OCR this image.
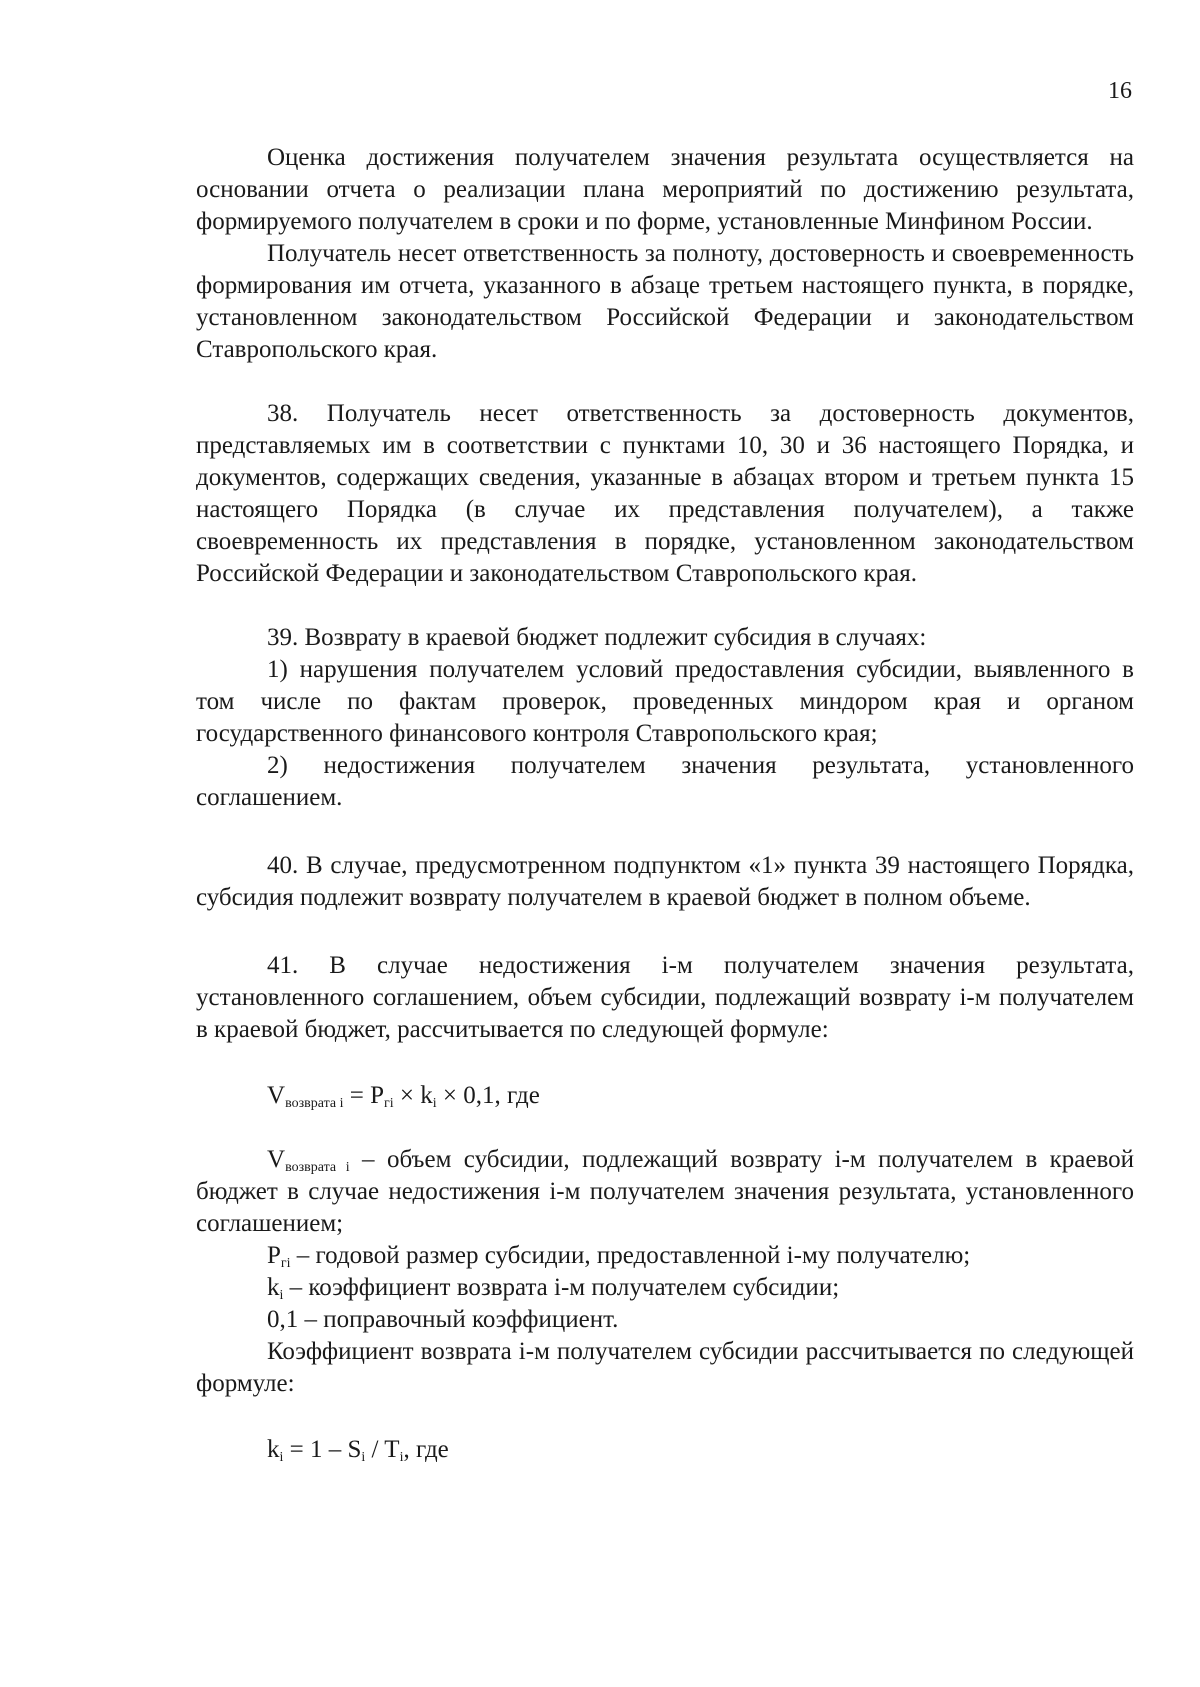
16

Оценка достижения получателем значения результата осуществляется на основании отчета о реализации плана мероприятий по достижению результата, формируемого получателем в сроки и по форме, установленные Минфином России.

Получатель несет ответственность за полноту, достоверность и своевременность формирования им отчета, указанного в абзаце третьем настоящего пункта, в порядке, установленном законодательством Российской Федерации и законодательством Ставропольского края.

38. Получатель несет ответственность за достоверность документов, представляемых им в соответствии с пунктами 10, 30 и 36 настоящего Порядка, и документов, содержащих сведения, указанные в абзацах втором и третьем пункта 15 настоящего Порядка (в случае их представления получателем), а также своевременность их представления в порядке, установленном законодательством Российской Федерации и законодательством Ставропольского края.

39. Возврату в краевой бюджет подлежит субсидия в случаях:

1) нарушения получателем условий предоставления субсидии, выявленного в том числе по фактам проверок, проведенных миндором края и органом государственного финансового контроля Ставропольского края;

2) недостижения получателем значения результата, установленного соглашением.

40. В случае, предусмотренном подпунктом «1» пункта 39 настоящего Порядка, субсидия подлежит возврату получателем в краевой бюджет в полном объеме.

41. В случае недостижения i-м получателем значения результата, установленного соглашением, объем субсидии, подлежащий возврату i-м получателем в краевой бюджет, рассчитывается по следующей формуле:

$V_{возврата i} = P_{гi} \times k_i \times 0,1$, где

$V_{возврата i}$ – объем субсидии, подлежащий возврату i-м получателем в краевой бюджет в случае недостижения i-м получателем значения результата, установленного соглашением;

$P_{гi}$ – годовой размер субсидии, предоставленной i-му получателю;

$k_i$ – коэффициент возврата i-м получателем субсидии;

0,1 – поправочный коэффициент.

Коэффициент возврата i-м получателем субсидии рассчитывается по следующей формуле:

$k_i = 1 - S_i / T_i$, где
